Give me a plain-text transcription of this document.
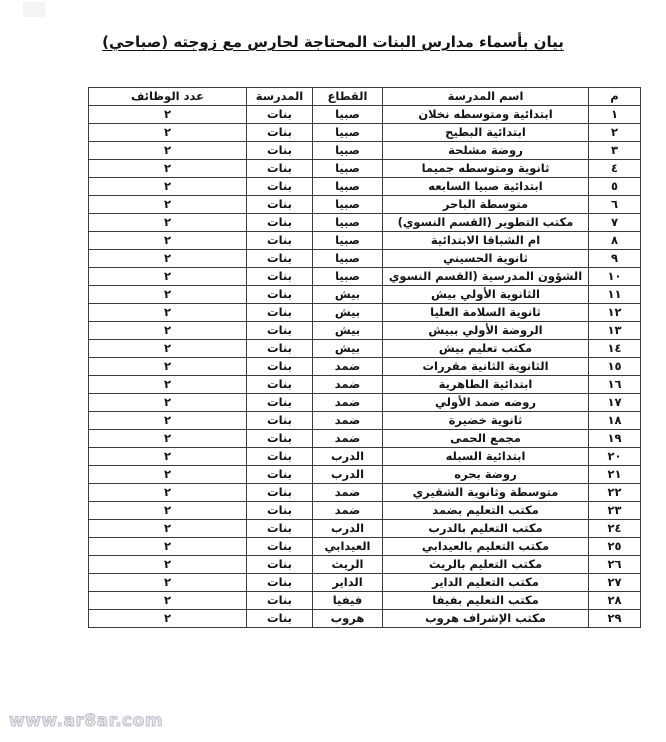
بيان بأسماء مدارس البنات المحتاجة لحارس مع زوجته (صباحي)
م	اسم المدرسة	القطاع	المدرسة	عدد الوظائف
١	ابتدائية ومتوسطه نخلان	صبيا	بنات	٢
٢	ابتدائية البطيح	صبيا	بنات	٢
٣	روضة مشلحة	صبيا	بنات	٢
٤	ثانوية ومتوسطه جميما	صبيا	بنات	٢
٥	ابتدائية صبيا السابعه	صبيا	بنات	٢
٦	متوسطة الباحر	صبيا	بنات	٢
٧	مكتب التطوير (القسم النسوي)	صبيا	بنات	٢
٨	ام الشباقا الابتدائية	صبيا	بنات	٢
٩	ثانوية الحسيني	صبيا	بنات	٢
١٠	الشؤون المدرسية (القسم النسوي	صبيا	بنات	٢
١١	الثانوية الأولي بيش	بيش	بنات	٢
١٢	ثانوية السلامة العليا	بيش	بنات	٢
١٣	الروضة الأولي ببيش	بيش	بنات	٢
١٤	مكتب تعليم بيش	بيش	بنات	٢
١٥	الثانوية الثانية مقررات	ضمد	بنات	٢
١٦	ابتدائية الطاهرية	ضمد	بنات	٢
١٧	روضه ضمد الأولي	ضمد	بنات	٢
١٨	ثانوية خضيرة	ضمد	بنات	٢
١٩	مجمع الحمى	ضمد	بنات	٢
٢٠	ابتدائية السبله	الدرب	بنات	٢
٢١	روضة بحره	الدرب	بنات	٢
٢٢	متوسطة وثانوية الشقيري	ضمد	بنات	٢
٢٣	مكتب التعليم بضمد	ضمد	بنات	٢
٢٤	مكتب التعليم بالدرب	الدرب	بنات	٢
٢٥	مكتب التعليم بالعيدابي	العيدابي	بنات	٢
٢٦	مكتب التعليم بالريث	الريث	بنات	٢
٢٧	مكتب التعليم الداير	الداير	بنات	٢
٢٨	مكتب التعليم بفيفا	فيفيا	بنات	٢
٢٩	مكتب الإشراف هروب	هروب	بنات	٢
www.ar8ar.com
